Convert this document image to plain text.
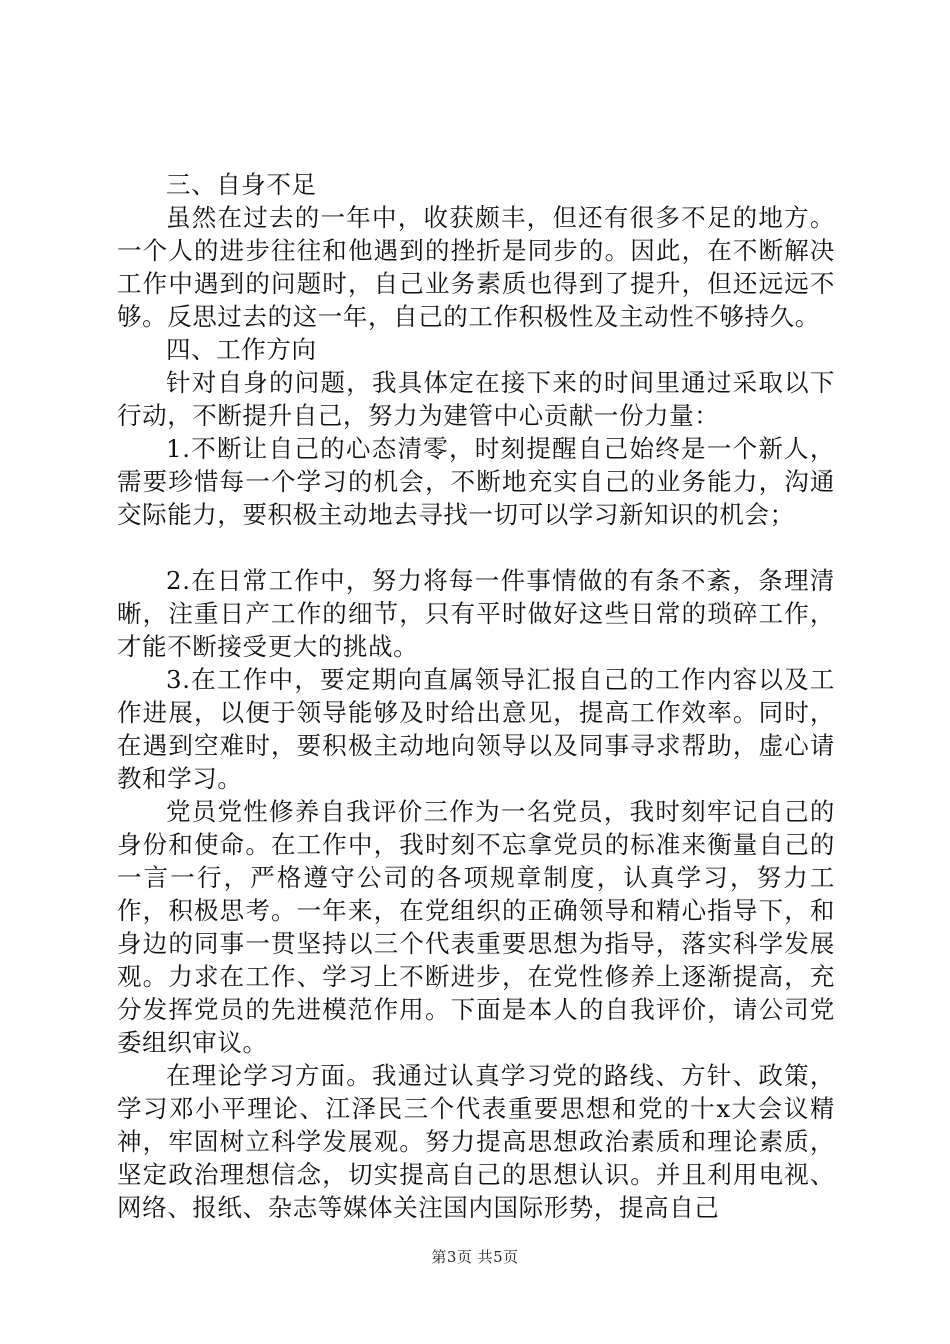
三、自身不足

虽然在过去的一年中，收获颇丰，但还有很多不足的地方。一个人的进步往往和他遇到的挫折是同步的。因此，在不断解决工作中遇到的问题时，自己业务素质也得到了提升，但还远远不够。反思过去的这一年，自己的工作积极性及主动性不够持久。

四、工作方向

针对自身的问题，我具体定在接下来的时间里通过采取以下行动，不断提升自己，努力为建管中心贡献一份力量：

1.不断让自己的心态清零，时刻提醒自己始终是一个新人，需要珍惜每一个学习的机会，不断地充实自己的业务能力，沟通交际能力，要积极主动地去寻找一切可以学习新知识的机会；

2.在日常工作中，努力将每一件事情做的有条不紊，条理清晰，注重日产工作的细节，只有平时做好这些日常的琐碎工作，才能不断接受更大的挑战。

3.在工作中，要定期向直属领导汇报自己的工作内容以及工作进展，以便于领导能够及时给出意见，提高工作效率。同时，在遇到空难时，要积极主动地向领导以及同事寻求帮助，虚心请教和学习。

党员党性修养自我评价三作为一名党员，我时刻牢记自己的身份和使命。在工作中，我时刻不忘拿党员的标准来衡量自己的一言一行，严格遵守公司的各项规章制度，认真学习，努力工作，积极思考。一年来，在党组织的正确领导和精心指导下，和身边的同事一贯坚持以三个代表重要思想为指导，落实科学发展观。力求在工作、学习上不断进步，在党性修养上逐渐提高，充分发挥党员的先进模范作用。下面是本人的自我评价，请公司党委组织审议。

在理论学习方面。我通过认真学习党的路线、方针、政策，学习邓小平理论、江泽民三个代表重要思想和党的十x大会议精神，牢固树立科学发展观。努力提高思想政治素质和理论素质，坚定政治理想信念，切实提高自己的思想认识。并且利用电视、网络、报纸、杂志等媒体关注国内国际形势，提高自己

第3页 共5页
